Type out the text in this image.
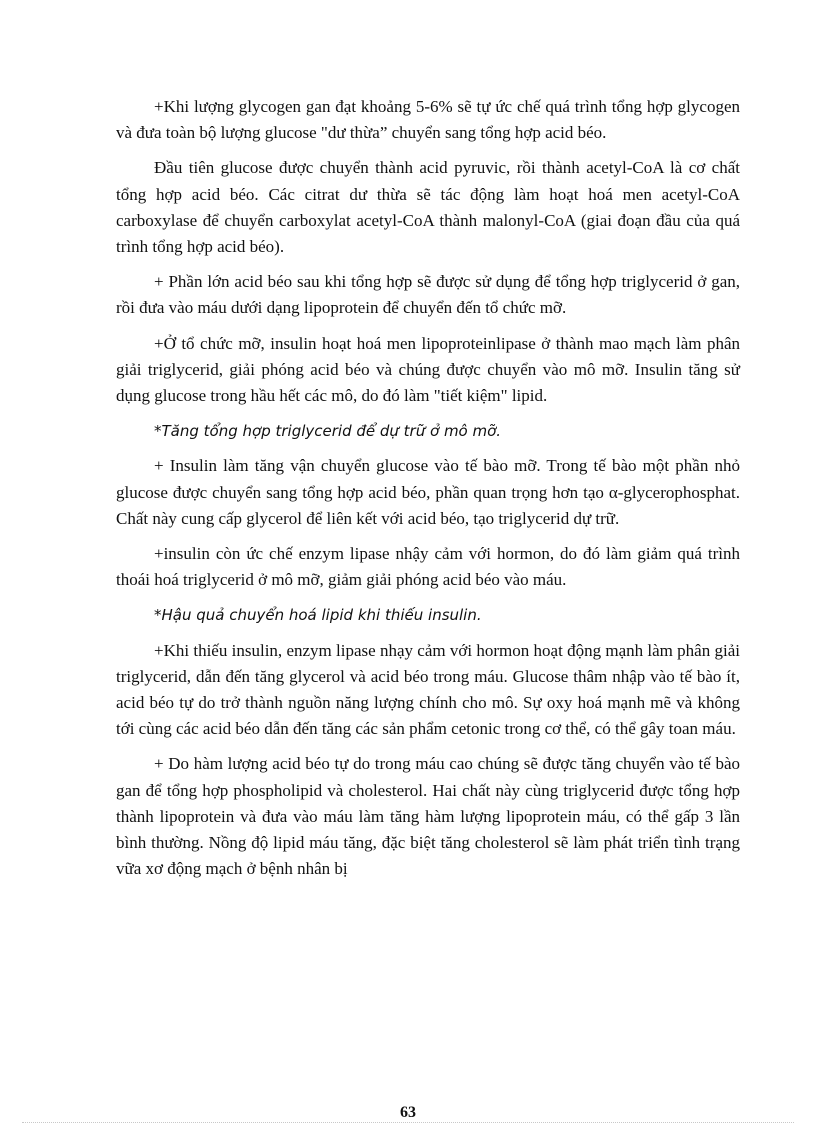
+Khi lượng glycogen gan đạt khoảng 5-6% sẽ tự ức chế quá trình tổng hợp glycogen và đưa toàn bộ lượng glucose "dư thừa” chuyển sang tổng hợp acid béo.

Đầu tiên glucose được chuyển thành acid pyruvic, rồi thành acetyl-CoA là cơ chất tổng hợp acid béo. Các citrat dư thừa sẽ tác động làm hoạt hoá men acetyl-CoA carboxylase để chuyển carboxylat acetyl-CoA thành malonyl-CoA (giai đoạn đầu của quá trình tổng hợp acid béo).

+ Phần lớn acid béo sau khi tổng hợp sẽ được sử dụng để tổng hợp triglycerid ở gan, rồi đưa vào máu dưới dạng lipoprotein để chuyển đến tổ chức mỡ.

+Ở tổ chức mỡ, insulin hoạt hoá men lipoproteinlipase ở thành mao mạch làm phân giải triglycerid, giải phóng acid béo và chúng được chuyển vào mô mỡ. Insulin tăng sử dụng glucose trong hầu hết các mô, do đó làm "tiết kiệm" lipid.

*Tăng tổng hợp triglycerid để dự trữ ở mô mỡ.

+ Insulin làm tăng vận chuyển glucose vào tế bào mỡ. Trong tế bào một phần nhỏ glucose được chuyển sang tổng hợp acid béo, phần quan trọng hơn tạo α-glycerophosphat. Chất này cung cấp glycerol để liên kết với acid béo, tạo triglycerid dự trữ.

+insulin còn ức chế enzym lipase nhậy cảm với hormon, do đó làm giảm quá trình thoái hoá triglycerid ở mô mỡ, giảm giải phóng acid béo vào máu.

*Hậu quả chuyển hoá lipid khi thiếu insulin.

+Khi thiếu insulin, enzym lipase nhạy cảm với hormon hoạt động mạnh làm phân giải triglycerid, dẫn đến tăng glycerol và acid béo trong máu. Glucose thâm nhập vào tế bào ít, acid béo tự do trở thành nguồn năng lượng chính cho mô. Sự oxy hoá mạnh mẽ và không tới cùng các acid béo dẫn đến tăng các sản phẩm cetonic trong cơ thể, có thể gây toan máu.

+ Do hàm lượng acid béo tự do trong máu cao chúng sẽ được tăng chuyển vào tế bào gan để tổng hợp phospholipid và cholesterol. Hai chất này cùng triglycerid được tổng hợp thành lipoprotein và đưa vào máu làm tăng hàm lượng lipoprotein máu, có thể gấp 3 lần bình thường. Nồng độ lipid máu tăng, đặc biệt tăng cholesterol sẽ làm phát triển tình trạng vữa xơ động mạch ở bệnh nhân bị

63
